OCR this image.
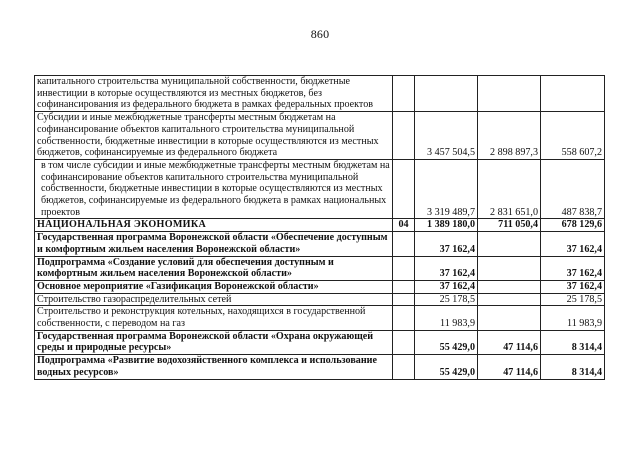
860
капитального строительства муниципальной собственности, бюджетные инвестиции в которые осуществляются из местных бюджетов, без софинансирования из федерального бюджета в рамках федеральных проектов				
Субсидии и иные межбюджетные трансферты местным бюджетам на софинансирование объектов капитального строительства муниципальной собственности, бюджетные инвестиции в которые осуществляются из местных бюджетов, софинансируемые из федерального бюджета		3 457 504,5	2 898 897,3	558 607,2
в том числе субсидии и иные межбюджетные трансферты местным бюджетам на софинансирование объектов капитального строительства муниципальной собственности, бюджетные инвестиции в которые осуществляются из местных бюджетов, софинансируемые из федерального бюджета в рамках национальных проектов		3 319 489,7	2 831 651,0	487 838,7
НАЦИОНАЛЬНАЯ ЭКОНОМИКА	04	1 389 180,0	711 050,4	678 129,6
Государственная программа Воронежской области «Обеспечение доступным и комфортным жильем населения Воронежской области»		37 162,4		37 162,4
Подпрограмма «Создание условий для обеспечения доступным и комфортным жильем населения Воронежской области»		37 162,4		37 162,4
Основное мероприятие «Газификация Воронежской области»		37 162,4		37 162,4
Строительство газораспределительных сетей		25 178,5		25 178,5
Строительство и реконструкция котельных, находящихся в государственной собственности, с переводом на газ		11 983,9		11 983,9
Государственная программа Воронежской области «Охрана окружающей среды и природные ресурсы»		55 429,0	47 114,6	8 314,4
Подпрограмма «Развитие водохозяйственного комплекса и использование водных ресурсов»		55 429,0	47 114,6	8 314,4
